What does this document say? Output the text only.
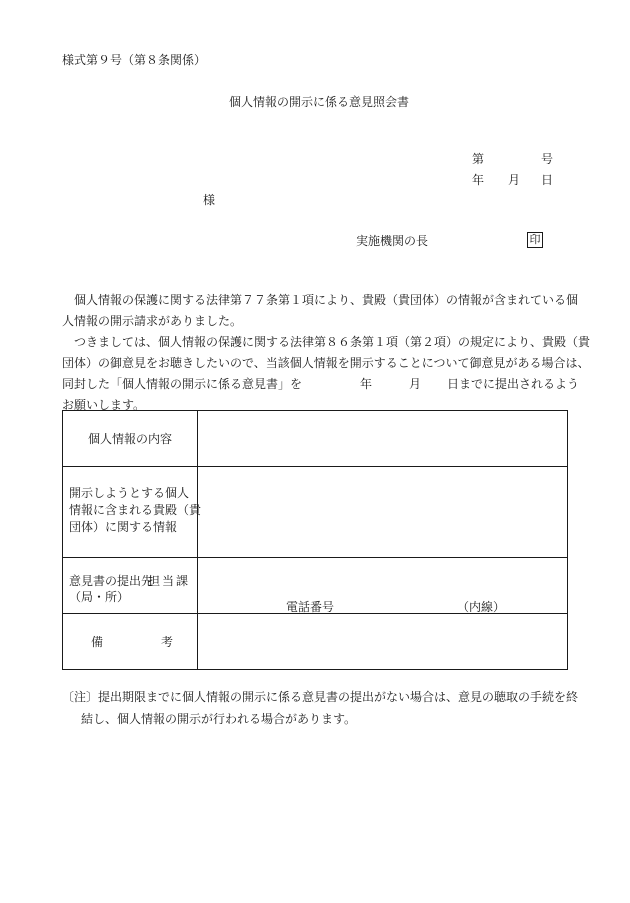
様式第９号（第８条関係）
個人情報の開示に係る意見照会書
第	号
年 月 日
様
実施機関の長	印
個人情報の保護に関する法律第７７条第１項により、貴殿（貴団体）の情報が含まれている個
人情報の開示請求がありました。
つきましては、個人情報の保護に関する法律第８６条第１項（第２項）の規定により、貴殿（貴
団体）の御意見をお聴きしたいので、当該個人情報を開示することについて御意見がある場合は、
同封した「個人情報の開示に係る意見書」を	年	月 日までに提出されるよう
お願いします。
個人情報の内容	

開示しようとする個人
情報に含まれる貴殿（貴
団体）に関する情報	

意見書の提出先
（局・所）
担当課	電話番号 （内線）

備 考	

〔注〕提出期限までに個人情報の開示に係る意見書の提出がない場合は、意見の聴取の手続を終
結し、個人情報の開示が行われる場合があります。
